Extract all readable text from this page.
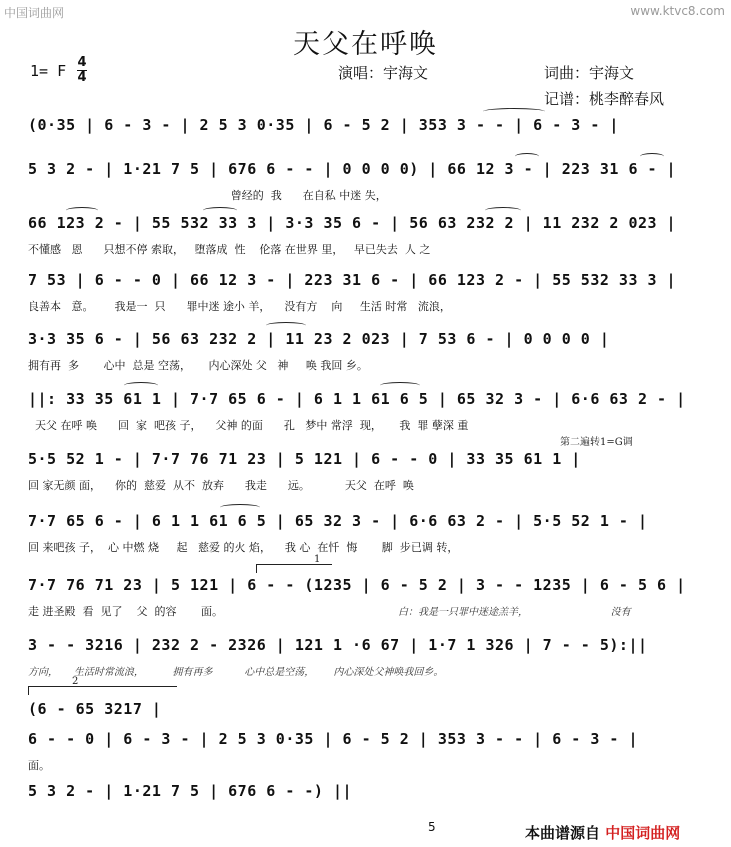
中国词曲网	www.ktvc8.com
天父在呼唤
1= F 4
4	演唱：宇海文	词曲：宇海文
记谱：桃李醉春风
(0·35 | 6 - 3 - | 2 5 3 0·35 | 6 - 5 2 | 353 3 - - | 6 - 3 - |
5 3 2 - | 1·21 7 5 | 676 6 - - | 0 0 0 0) | 66 12 3 - | 223 31 6 - |
曾经的  我      在自私 中迷 失，
66 123 2 - | 55 532 33 3 | 3·3 35 6 - | 56 63 232 2 | 11 232 2 023 |
不懂感   恩      只想不停 索取，   堕落成  性    伦落 在世界 里，   早已失去  人 之
7 53 | 6 - - 0 | 66 12 3 - | 223 31 6 - | 66 123 2 - | 55 532 33 3 |
良善本   意。      我是一  只      罪中迷 途小 羊，    没有方    向     生活 时常   流浪，
3·3 35 6 - | 56 63 232 2 | 11 23 2 023 | 7 53 6 - | 0 0 0 0 |
拥有再  多       心中  总是 空荡，     内心深处 父   神     唤 我回 乡。
||: 33 35 61 1 | 7·7 65 6 - | 6 1 1 61 6 5 | 65 32 3 - | 6·6 63 2 - |
天父 在呼 唤      回  家  吧孩 子，    父神 的面      孔   梦中 常浮  现，     我  罪 孽深 重
5·5 52 1 - | 7·7 76 71 23 | 5 121 | 6 - - 0 | 33 35 61 1 |
回 家无颜 面，    你的  慈爱  从不  放弃      我走      远。          天父  在呼  唤
第二遍转1=G调
7·7 65 6 - | 6 1 1 61 6 5 | 65 32 3 - | 6·6 63 2 - | 5·5 52 1 - |
回 来吧孩 子，  心 中燃 烧     起   慈爱 的火 焰，    我 心  在忏  悔       脚  步已调 转，
1
7·7 76 71 23 | 5 121 | 6 - - (1235 | 6 - 5 2 | 3 - - 1235 | 6 - 5 6 |
走 进圣殿  看  见了    父  的容       面。	白：我是一只罪中迷途羔羊，                          没有
3 - - 3216 | 232 2 - 2326 | 121 1 ·6 67 | 1·7 1 326 | 7 - - 5):||
方向，     生活时常流浪，         拥有再多          心中总是空荡，      内心深处父神唤我回乡。
2
(6 - 65 3217 |
6 - - 0 | 6 - 3 - | 2 5 3 0·35 | 6 - 5 2 | 353 3 - - | 6 - 3 - |
面。
5 3 2 - | 1·21 7 5 | 676 6 - -) ||
5	本曲谱源自 中国词曲网
